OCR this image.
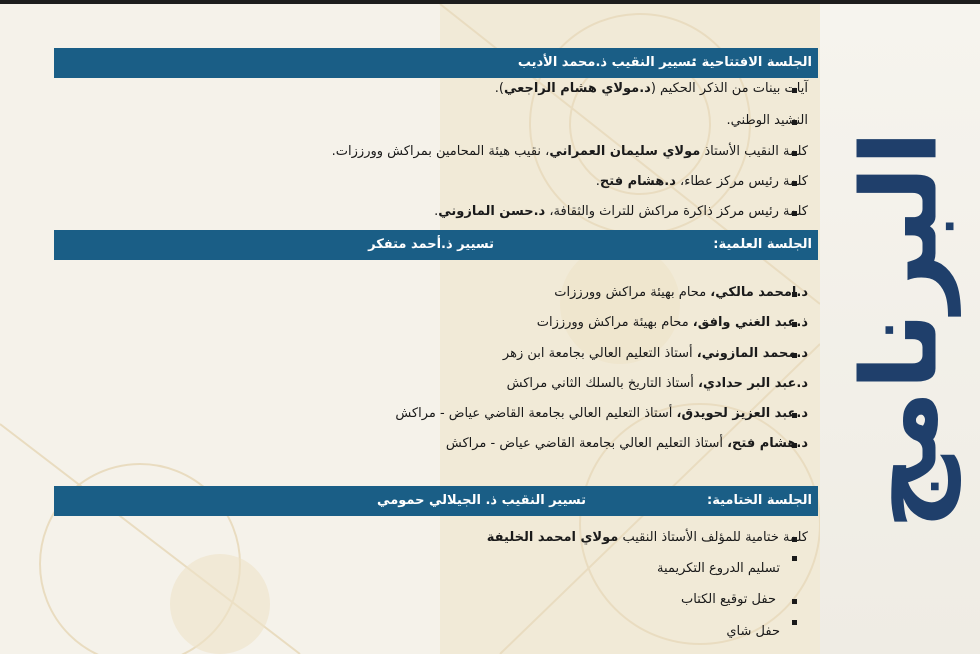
البرنامج
الجلسة الافتتاحية :
تسيير النقيب ذ.محمد الأديب
آيات بينات من الذكر الحكيم (د.مولاي هشام الراجعي).
النشيد الوطني.
كلمة النقيب الأستاذ مولاي سليمان العمراني، نقيب هيئة المحامين بمراكش وورززات.
كلمة رئيس مركز عطاء، د.هشام فتح.
كلمة رئيس مركز ذاكرة مراكش للتراث والثقافة، د.حسن المازوني.
الجلسة العلمية:
تسيير ذ.أحمد متفكر
د.امحمد مالكي، محام بهيئة مراكش وورززات
ذ.عبد الغني وافق، محام بهيئة مراكش وورززات
د.محمد المازوني، أستاذ التعليم العالي بجامعة ابن زهر
د.عبد البر حدادي، أستاذ التاريخ بالسلك الثاني مراكش
د.عبد العزيز لحويدق، أستاذ التعليم العالي بجامعة القاضي عياض - مراكش
د.هشام فتح، أستاذ التعليم العالي بجامعة القاضي عياض - مراكش
الجلسة الختامية:
تسيير النقيب ذ. الجيلالي حمومي
كلمة ختامية للمؤلف الأستاذ النقيب مولاي امحمد الخليفة
تسليم الدروع التكريمية
حفل توقيع الكتاب
حفل شاي
